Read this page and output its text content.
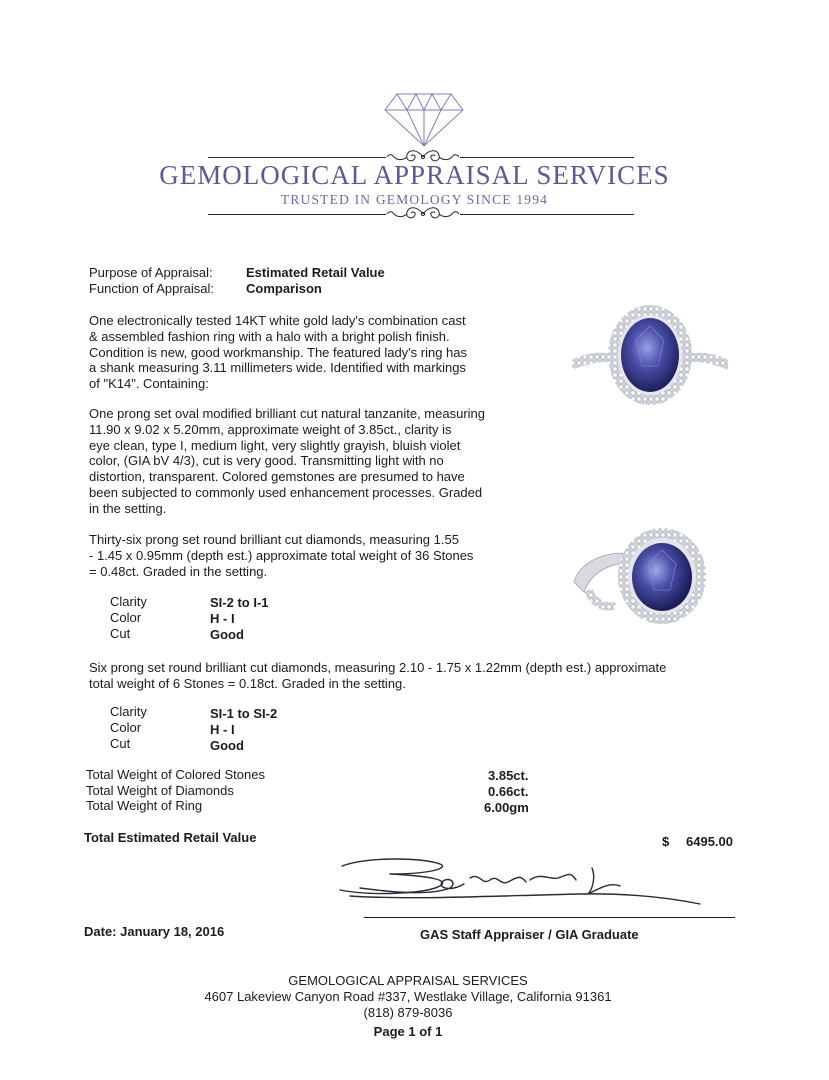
GEMOLOGICAL APPRAISAL SERVICES
TRUSTED IN GEMOLOGY SINCE 1994
Purpose of Appraisal:	Estimated Retail Value
Function of Appraisal: Comparison
One electronically tested 14KT white gold lady's combination cast
& assembled fashion ring with a halo with a bright polish finish.
Condition is new, good workmanship. The featured lady's ring has
a shank measuring 3.11 millimeters wide. Identified with markings
of "K14". Containing:
One prong set oval modified brilliant cut natural tanzanite, measuring
11.90 x 9.02 x 5.20mm, approximate weight of 3.85ct., clarity is
eye clean, type I, medium light, very slightly grayish, bluish violet
color, (GIA bV 4/3), cut is very good. Transmitting light with no
distortion, transparent. Colored gemstones are presumed to have
been subjected to commonly used enhancement processes. Graded
in the setting.
Thirty-six prong set round brilliant cut diamonds, measuring 1.55
- 1.45 x 0.95mm (depth est.) approximate total weight of 36 Stones
= 0.48ct. Graded in the setting.
Clarity	SI-2 to I-1
Color	H - I
Cut	Good
Six prong set round brilliant cut diamonds, measuring 2.10 - 1.75 x 1.22mm (depth est.) approximate
total weight of 6 Stones = 0.18ct. Graded in the setting.
Clarity	SI-1 to SI-2
Color	H - I
Cut	Good
Total Weight of Colored Stones	3.85ct.
Total Weight of Diamonds	0.66ct.
Total Weight of Ring	6.00gm
Total Estimated Retail Value	$ 6495.00
Date: January 18, 2016	GAS Staff Appraiser / GIA Graduate
GEMOLOGICAL APPRAISAL SERVICES
4607 Lakeview Canyon Road #337, Westlake Village, California 91361
(818) 879-8036
Page 1 of 1
